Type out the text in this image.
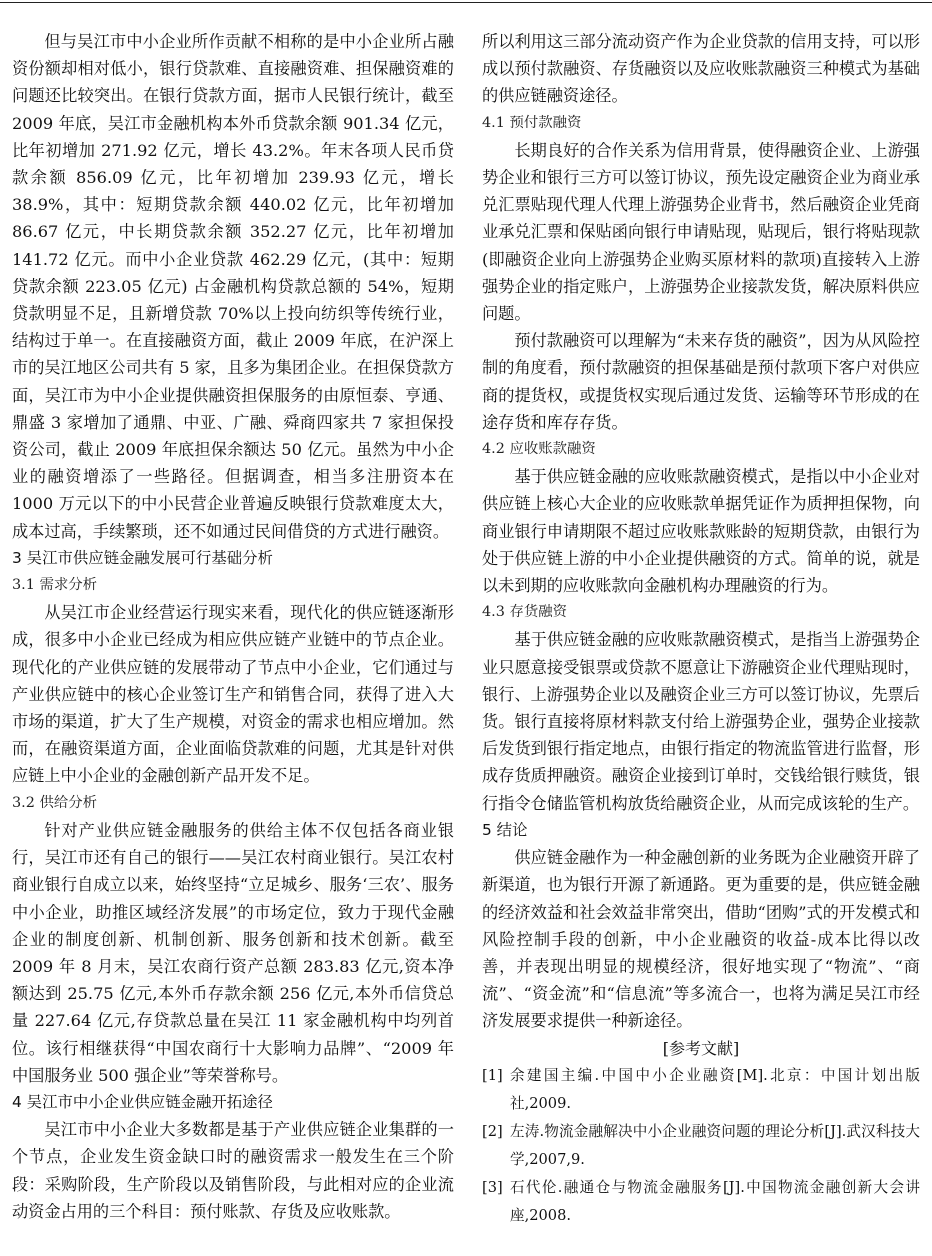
但与吴江市中小企业所作贡献不相称的是中小企业所占融资份额却相对低小，银行贷款难、直接融资难、担保融资难的问题还比较突出。在银行贷款方面，据市人民银行统计，截至 2009 年底，吴江市金融机构本外币贷款余额 901.34 亿元，比年初增加 271.92 亿元，增长 43.2%。年末各项人民币贷款余额 856.09 亿元，比年初增加 239.93 亿元，增长 38.9%，其中：短期贷款余额 440.02 亿元，比年初增加 86.67 亿元，中长期贷款余额 352.27 亿元，比年初增加 141.72 亿元。而中小企业贷款 462.29 亿元，(其中：短期贷款余额 223.05 亿元) 占金融机构贷款总额的 54%，短期贷款明显不足，且新增贷款 70%以上投向纺织等传统行业，结构过于单一。在直接融资方面，截止 2009 年底，在沪深上市的吴江地区公司共有 5 家，且多为集团企业。在担保贷款方面，吴江市为中小企业提供融资担保服务的由原恒泰、亨通、鼎盛 3 家增加了通鼎、中亚、广融、舜商四家共 7 家担保投资公司，截止 2009 年底担保余额达 50 亿元。虽然为中小企业的融资增添了一些路径。但据调查，相当多注册资本在 1000 万元以下的中小民营企业普遍反映银行贷款难度太大，成本过高，手续繁琐，还不如通过民间借贷的方式进行融资。

3 吴江市供应链金融发展可行基础分析

3.1 需求分析

从吴江市企业经营运行现实来看，现代化的供应链逐渐形成，很多中小企业已经成为相应供应链产业链中的节点企业。现代化的产业供应链的发展带动了节点中小企业，它们通过与产业供应链中的核心企业签订生产和销售合同，获得了进入大市场的渠道，扩大了生产规模，对资金的需求也相应增加。然而，在融资渠道方面，企业面临贷款难的问题，尤其是针对供应链上中小企业的金融创新产品开发不足。

3.2 供给分析

针对产业供应链金融服务的供给主体不仅包括各商业银行，吴江市还有自己的银行——吴江农村商业银行。吴江农村商业银行自成立以来，始终坚持“立足城乡、服务‘三农’、服务中小企业，助推区域经济发展”的市场定位，致力于现代金融企业的制度创新、机制创新、服务创新和技术创新。截至 2009 年 8 月末，吴江农商行资产总额 283.83 亿元,资本净额达到 25.75 亿元,本外币存款余额 256 亿元,本外币信贷总量 227.64 亿元,存贷款总量在吴江 11 家金融机构中均列首位。该行相继获得“中国农商行十大影响力品牌”、“2009 年中国服务业 500 强企业”等荣誉称号。

4 吴江市中小企业供应链金融开拓途径

吴江市中小企业大多数都是基于产业供应链企业集群的一个节点，企业发生资金缺口时的融资需求一般发生在三个阶段：采购阶段，生产阶段以及销售阶段，与此相对应的企业流动资金占用的三个科目：预付账款、存货及应收账款。

所以利用这三部分流动资产作为企业贷款的信用支持，可以形成以预付款融资、存货融资以及应收账款融资三种模式为基础的供应链融资途径。

4.1 预付款融资

长期良好的合作关系为信用背景，使得融资企业、上游强势企业和银行三方可以签订协议，预先设定融资企业为商业承兑汇票贴现代理人代理上游强势企业背书，然后融资企业凭商业承兑汇票和保贴函向银行申请贴现，贴现后，银行将贴现款(即融资企业向上游强势企业购买原材料的款项)直接转入上游强势企业的指定账户，上游强势企业接款发货，解决原料供应问题。

预付款融资可以理解为“未来存货的融资”，因为从风险控制的角度看，预付款融资的担保基础是预付款项下客户对供应商的提货权，或提货权实现后通过发货、运输等环节形成的在途存货和库存存货。

4.2 应收账款融资

基于供应链金融的应收账款融资模式，是指以中小企业对供应链上核心大企业的应收账款单据凭证作为质押担保物，向商业银行申请期限不超过应收账款账龄的短期贷款，由银行为处于供应链上游的中小企业提供融资的方式。简单的说，就是以未到期的应收账款向金融机构办理融资的行为。

4.3 存货融资

基于供应链金融的应收账款融资模式，是指当上游强势企业只愿意接受银票或贷款不愿意让下游融资企业代理贴现时，银行、上游强势企业以及融资企业三方可以签订协议，先票后货。银行直接将原材料款支付给上游强势企业，强势企业接款后发货到银行指定地点，由银行指定的物流监管进行监督，形成存货质押融资。融资企业接到订单时，交钱给银行赎货，银行指令仓储监管机构放货给融资企业，从而完成该轮的生产。

5 结论

供应链金融作为一种金融创新的业务既为企业融资开辟了新渠道，也为银行开源了新通路。更为重要的是，供应链金融的经济效益和社会效益非常突出，借助“团购”式的开发模式和风险控制手段的创新，中小企业融资的收益-成本比得以改善，并表现出明显的规模经济，很好地实现了“物流”、“商流”、“资金流”和“信息流”等多流合一，也将为满足吴江市经济发展要求提供一种新途径。

[参考文献]

[1] 余建国主编.中国中小企业融资[M].北京：中国计划出版社,2009.
[2] 左涛.物流金融解决中小企业融资问题的理论分析[J].武汉科技大学,2007,9.
[3] 石代伦.融通仓与物流金融服务[J].中国物流金融创新大会讲座,2008.
